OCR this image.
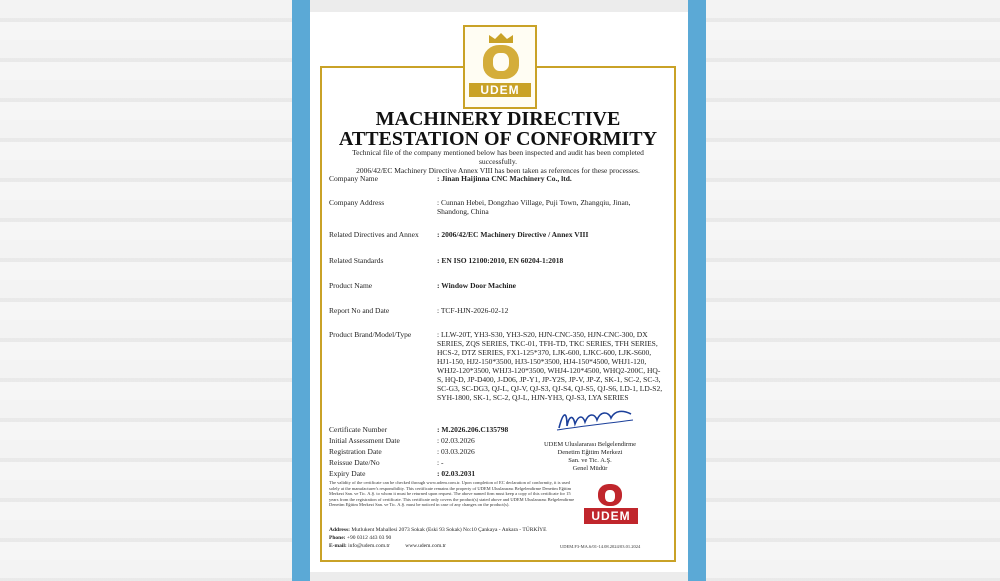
UDEM
MACHINERY DIRECTIVE
ATTESTATION OF CONFORMITY
Technical file of the company mentioned below has been inspected and audit has been completed successfully.
2006/42/EC Machinery Directive Annex VIII has been taken as references for these processes.
Company Name	: Jinan Haijinna CNC Machinery Co., ltd.
Company Address	: Cunnan Hebei, Dongzhao Village, Puji Town, Zhangqiu, Jinan, Shandong, China
Related Directives and Annex	: 2006/42/EC Machinery Directive / Annex VIII
Related Standards	: EN ISO 12100:2010, EN 60204-1:2018
Product Name	: Window Door Machine
Report No and Date	: TCF-HJN-2026-02-12
Product Brand/Model/Type	: LLW-20T, YH3-S30, YH3-S20, HJN-CNC-350, HJN-CNC-300, DX SERIES, ZQS SERIES, TKC-01, TFH-TD, TKC SERIES, TFH SERIES, HCS-2, DTZ SERIES, FX1-125*370, LJK-600, LJKC-600, LJK-S600, HJ1-150, HJ2-150*3500, HJ3-150*3500, HJ4-150*4500, WHJ1-120, WHJ2-120*3500, WHJ3-120*3500, WHJ4-120*4500, WHQ2-200C, HQ-S, HQ-D, JP-D400, J-D06, JP-Y1, JP-Y2S, JP-V, JP-Z, SK-1, SC-2, SC-3, SC-G3, SC-DG3, QJ-L, QJ-V, QJ-S3, QJ-S4, QJ-S5, QJ-S6, LD-1, LD-S2, SYH-1800, SK-1, SC-2, QJ-L, HJN-YH3, QJ-S3, LYA SERIES
Certificate Number	: M.2026.206.C135798
Initial Assessment Date	: 02.03.2026
Registration Date	: 03.03.2026
Reissue Date/No	: -
Expiry Date	: 02.03.2031
UDEM Uluslararası Belgelendirme
Denetim Eğitim Merkezi
San. ve Tic. A.Ş.
Genel Müdür
The validity of the certificate can be checked through www.udem.com.tr. Upon completion of EC declaration of conformity, it is used solely at the manufacturer's responsibility. This certificate remains the property of UDEM Uluslararası Belgelendirme Denetim Eğitim Merkezi San. ve Tic. A.Ş. to whom it must be returned upon request. The above named firm must keep a copy of this certificate for 15 years from the registration of certificate. This certificate only covers the product(s) stated above and UDEM Uluslararası Belgelendirme Denetim Eğitim Merkezi San. ve Tic. A.Ş. must be noticed in case of any changes on the product(s).
UDEM
Address: Mutlukent Mahallesi 2073 Sokak (Eski 93 Sokak) No:10 Çankaya - Ankara - TÜRKİYE
Phone: +90 0312 443 03 90
E-mail: info@udem.com.tr	www.udem.com.tr	UDEM.F3-MA.6/01-14.08.2024/03.01.2024
